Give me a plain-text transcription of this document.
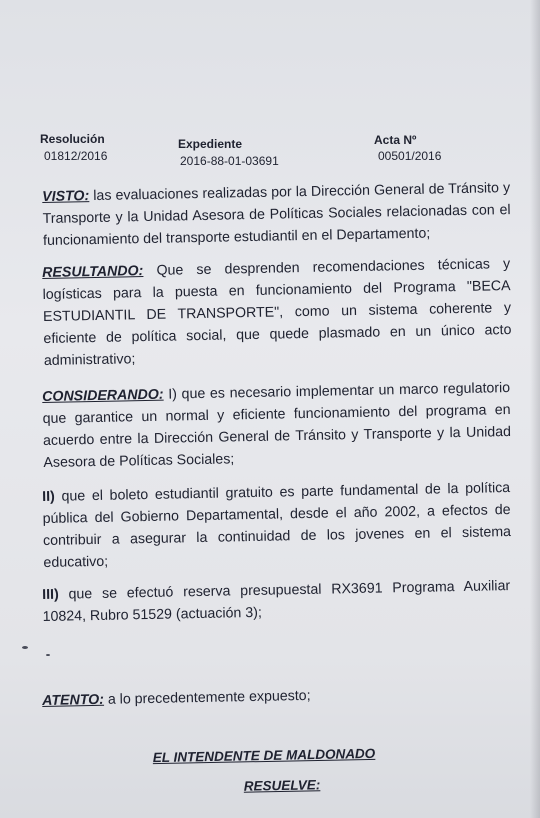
Resolución
01812/2016
Expediente
2016-88-01-03691
Acta Nº
00501/2016
VISTO: las evaluaciones realizadas por la Dirección General de Tránsito y Transporte y la Unidad Asesora de Políticas Sociales relacionadas con el funcionamiento del transporte estudiantil en el Departamento;
RESULTANDO: Que se desprenden recomendaciones técnicas y logísticas para la puesta en funcionamiento del Programa "BECA ESTUDIANTIL DE TRANSPORTE", como un sistema coherente y eficiente de política social, que quede plasmado en un único acto administrativo;
CONSIDERANDO: I) que es necesario implementar un marco regulatorio que garantice un normal y eficiente funcionamiento del programa en acuerdo entre la Dirección General de Tránsito y Transporte y la Unidad Asesora de Políticas Sociales;
II) que el boleto estudiantil gratuito es parte fundamental de la política pública del Gobierno Departamental, desde el año 2002, a efectos de contribuir a asegurar la continuidad de los jovenes en el sistema educativo;
III) que se efectuó reserva presupuestal RX3691 Programa Auxiliar 10824, Rubro 51529 (actuación 3);
ATENTO: a lo precedentemente expuesto;
EL INTENDENTE DE MALDONADO
RESUELVE:
